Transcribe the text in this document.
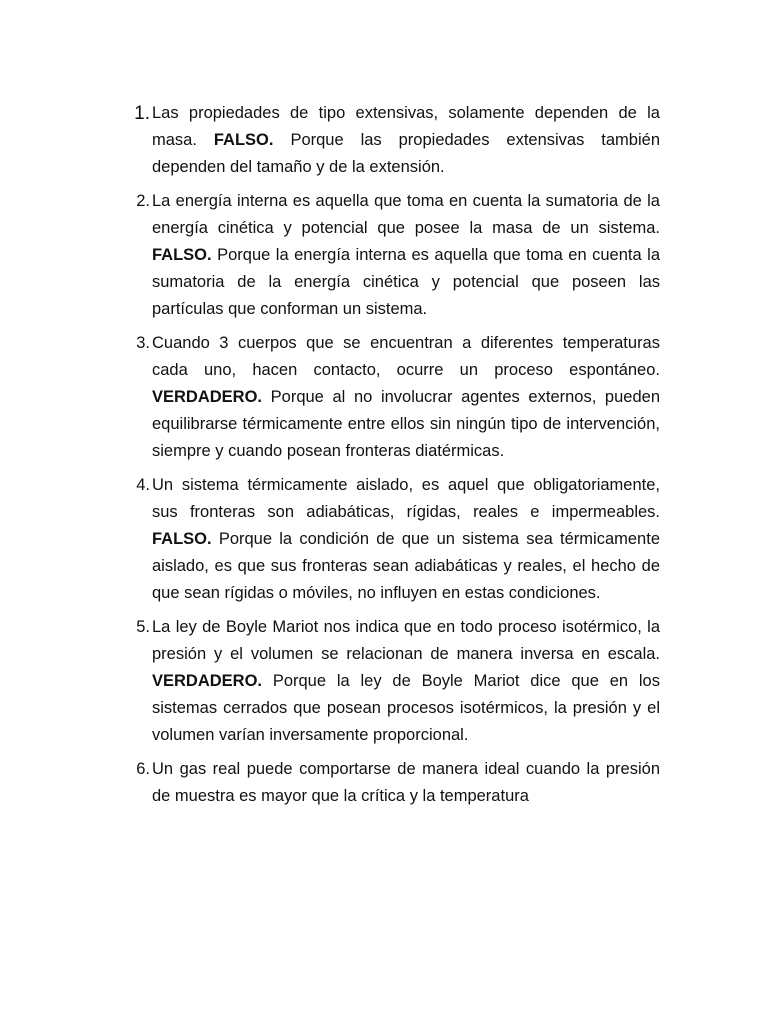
1. Las propiedades de tipo extensivas, solamente dependen de la masa. FALSO. Porque las propiedades extensivas también dependen del tamaño y de la extensión.
2. La energía interna es aquella que toma en cuenta la sumatoria de la energía cinética y potencial que posee la masa de un sistema. FALSO. Porque la energía interna es aquella que toma en cuenta la sumatoria de la energía cinética y potencial que poseen las partículas que conforman un sistema.
3. Cuando 3 cuerpos que se encuentran a diferentes temperaturas cada uno, hacen contacto, ocurre un proceso espontáneo. VERDADERO. Porque al no involucrar agentes externos, pueden equilibrarse térmicamente entre ellos sin ningún tipo de intervención, siempre y cuando posean fronteras diatérmicas.
4. Un sistema térmicamente aislado, es aquel que obligatoriamente, sus fronteras son adiabáticas, rígidas, reales e impermeables. FALSO. Porque la condición de que un sistema sea térmicamente aislado, es que sus fronteras sean adiabáticas y reales, el hecho de que sean rígidas o móviles, no influyen en estas condiciones.
5. La ley de Boyle Mariot nos indica que en todo proceso isotérmico, la presión y el volumen se relacionan de manera inversa en escala. VERDADERO. Porque la ley de Boyle Mariot dice que en los sistemas cerrados que posean procesos isotérmicos, la presión y el volumen varían inversamente proporcional.
6. Un gas real puede comportarse de manera ideal cuando la presión de muestra es mayor que la crítica y la temperatura
